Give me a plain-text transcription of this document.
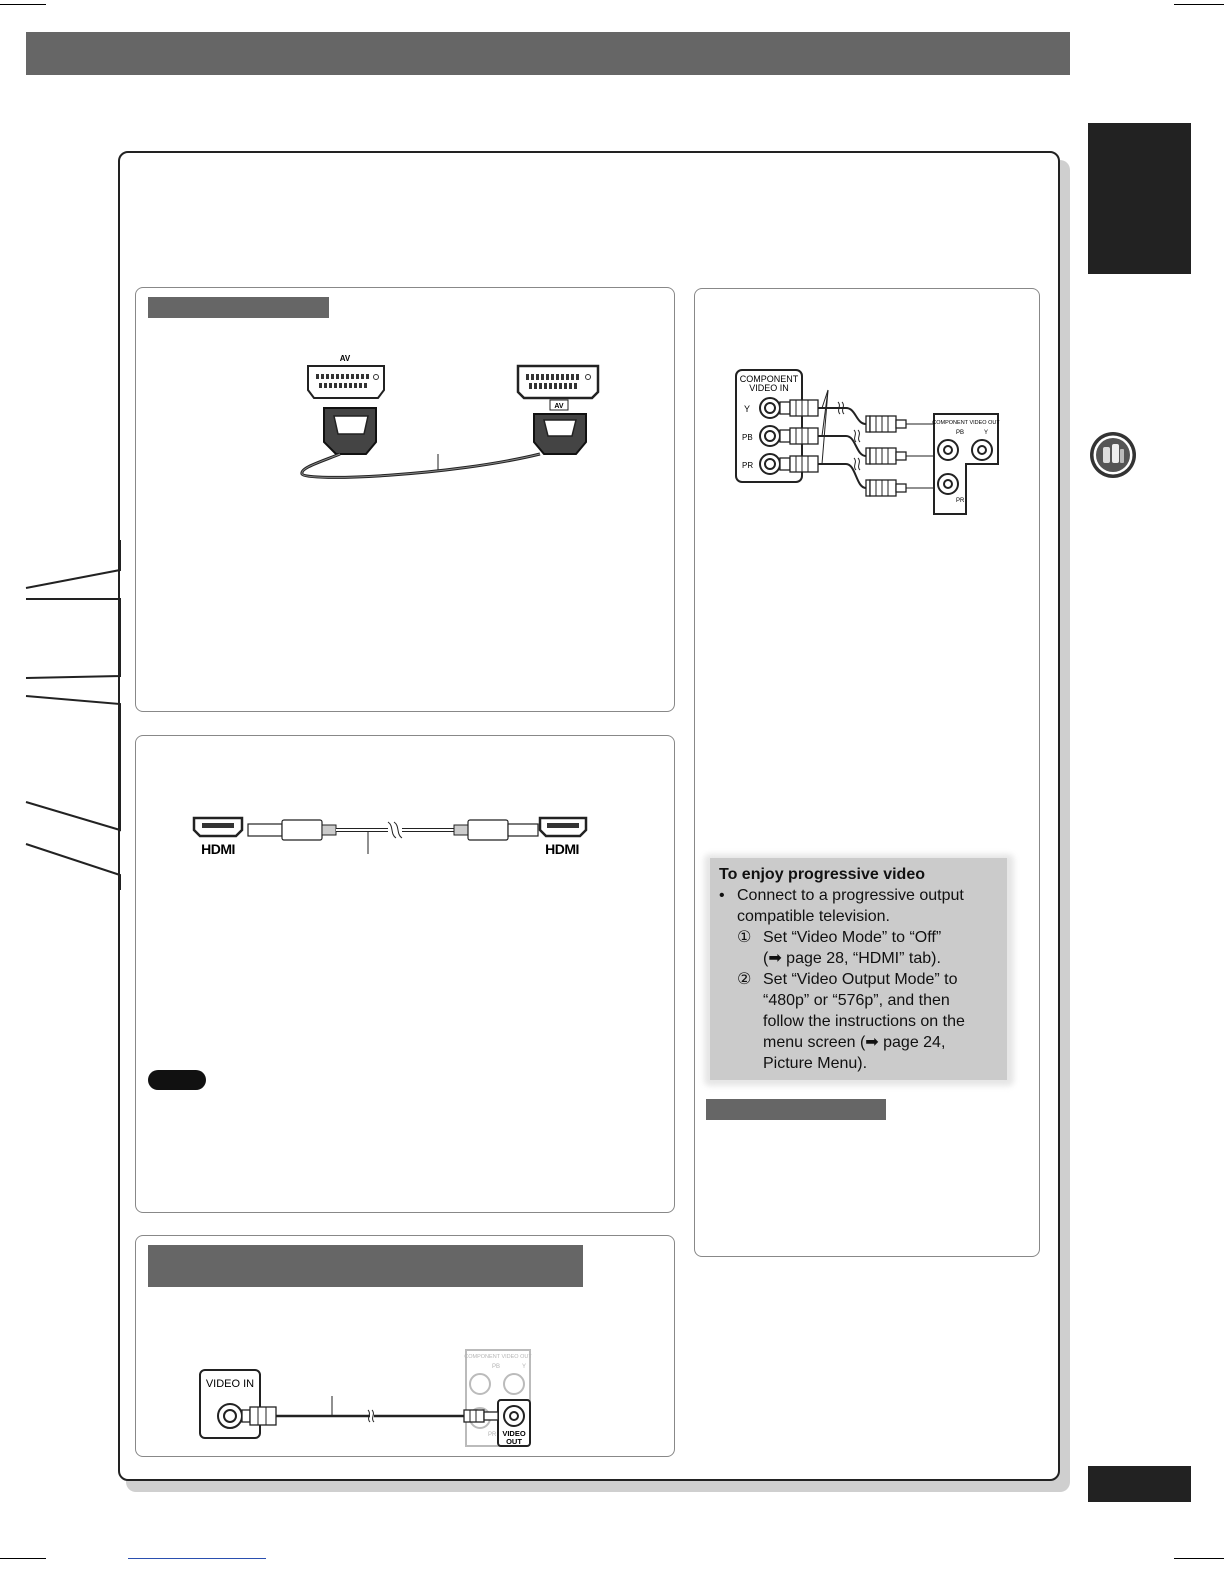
AV
AV
HDMI	HDMI
COMPONENT
VIDEO IN
Y
PB
PR
COMPONENT VIDEO OUT
PB	Y
PR
To enjoy progressive video
• Connect to a progressive output compatible television.
① Set “Video Mode” to “Off”
(➡ page 28, “HDMI” tab).
② Set “Video Output Mode” to
“480p” or “576p”, and then
follow the instructions on the
menu screen (➡ page 24,
Picture Menu).
VIDEO IN
COMPONENT VIDEO OUT
PB	Y
PR VIDEO
OUT
